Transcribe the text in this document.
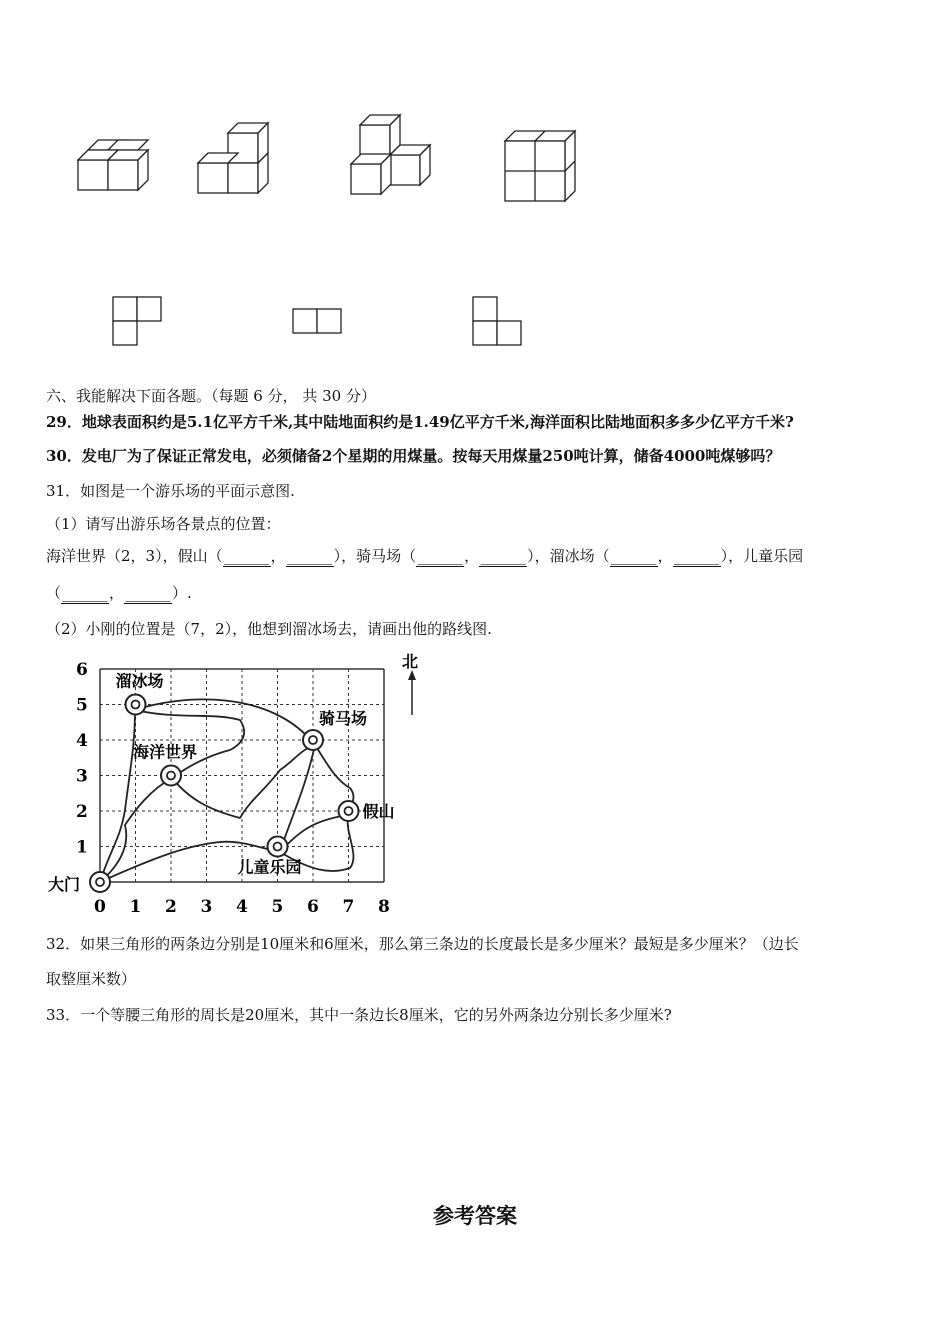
六、我能解决下面各题。（每题 6 分， 共 30 分）
29．地球表面积约是5.1亿平方千米,其中陆地面积约是1.49亿平方千米,海洋面积比陆地面积多多少亿平方千米?
30．发电厂为了保证正常发电，必须储备2个星期的用煤量。按每天用煤量250吨计算，储备4000吨煤够吗？
31．如图是一个游乐场的平面示意图.
（1）请写出游乐场各景点的位置：
海洋世界（2，3），假山（ ______ ， ______ ），骑马场（ ______ ， ______ ），溜冰场（ ______ ， ______ ），儿童乐园
（ ______ ， ______ ）.
（2）小刚的位置是（7，2），他想到溜冰场去，请画出他的路线图.
0 1 2 3 4 5 6 7 8
1
2
3
4
5
6
溜冰场
骑马场
海洋世界
假山
儿童乐园
大门
北
32．如果三角形的两条边分别是10厘米和6厘米，那么第三条边的长度最长是多少厘米？最短是多少厘米？（边长
取整厘米数）
33．一个等腰三角形的周长是20厘米，其中一条边长8厘米，它的另外两条边分别长多少厘米?
参考答案
